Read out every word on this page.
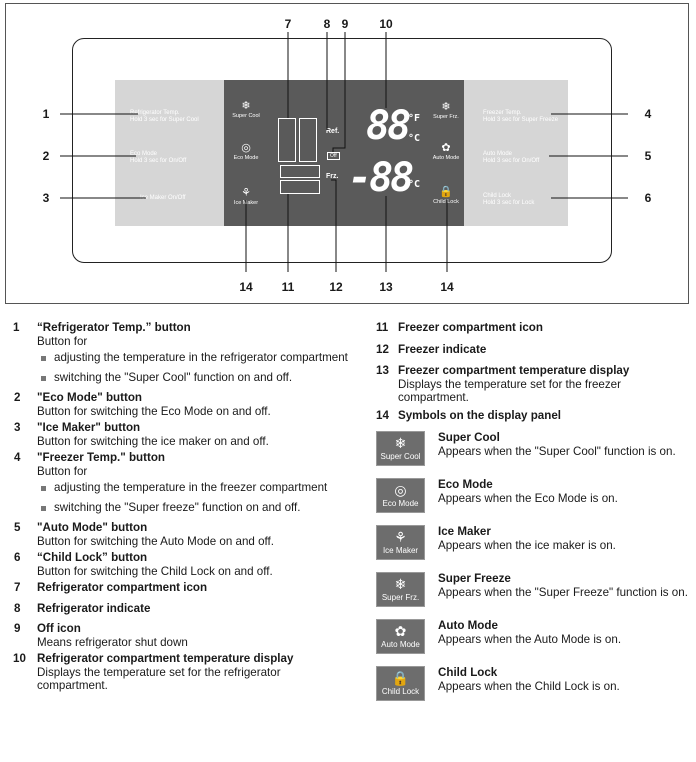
Refrigerator Temp.
Hold 3 sec for Super Cool
Eco Mode
Hold 3 sec for On/Off
Ice Maker On/Off
Freezer Temp.
Hold 3 sec for Super Freeze
Auto Mode
Hold 3 sec for On/Off
Child Lock
Hold 3 sec for Lock
❄
Super Cool
◎
Eco Mode
⚘
Ice Maker
❄
Super Frz.
✿
Auto Mode
🔒
Child Lock
Ref.
Off
Frz.
88 °F
°C
-88
°C
7	8 9	10
1
2
3
4
5
6
14	11	12	13	14
1 “Refrigerator Temp.” button
Button for
adjusting the temperature in the refrigerator compartment
switching the "Super Cool" function on and off.
2 "Eco Mode" button
Button for switching the Eco Mode on and off.
3 "Ice Maker" button
Button for switching the ice maker on and off.
4 "Freezer Temp." button
Button for
adjusting the temperature in the freezer compartment
switching the "Super freeze" function on and off.
5 "Auto Mode" button
Button for switching the Auto Mode on and off.
6 “Child Lock” button
Button for switching the Child Lock on and off.
7 Refrigerator compartment icon
8 Refrigerator indicate
9 Off icon
Means refrigerator shut down
10 Refrigerator compartment temperature display
Displays the temperature set for the refrigerator compartment.
11 Freezer compartment icon
12 Freezer indicate
13 Freezer compartment temperature display
Displays the temperature set for the freezer compartment.
14 Symbols on the display panel
❄
Super Cool
Super Cool
Appears when the "Super Cool" function is on.
◎
Eco Mode
Eco Mode
Appears when the Eco Mode is on.
⚘
Ice Maker
Ice Maker
Appears when the ice maker is on.
❄
Super Frz.
Super Freeze
Appears when the "Super Freeze" function is on.
✿
Auto Mode
Auto Mode
Appears when the Auto Mode is on.
🔒
Child Lock
Child Lock
Appears when the Child Lock is on.
